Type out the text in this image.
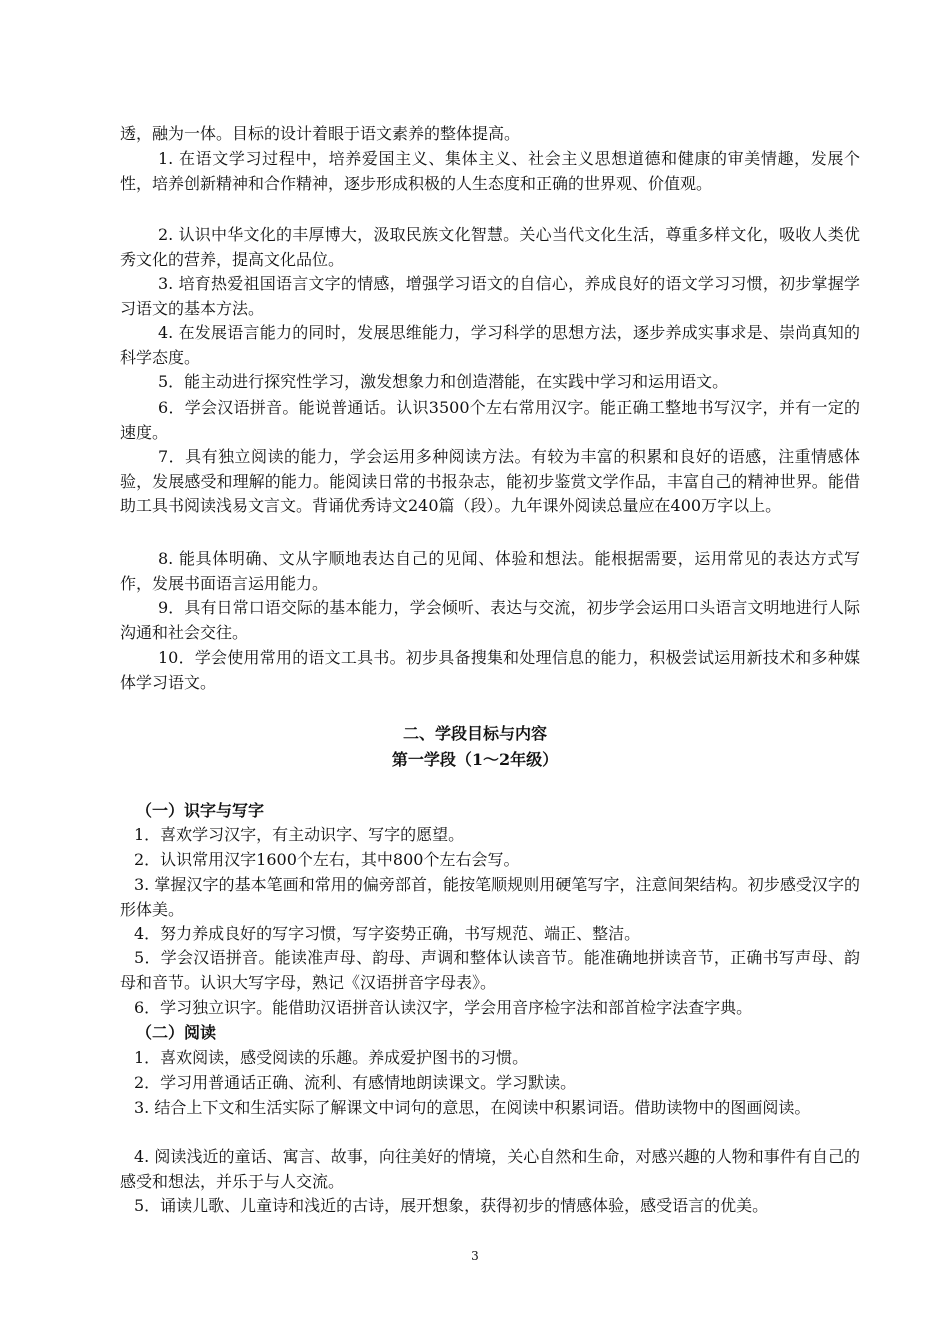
透，融为一体。目标的设计着眼于语文素养的整体提高。

1. 在语文学习过程中，培养爱国主义、集体主义、社会主义思想道德和健康的审美情趣，发展个性，培养创新精神和合作精神，逐步形成积极的人生态度和正确的世界观、价值观。

2. 认识中华文化的丰厚博大，汲取民族文化智慧。关心当代文化生活，尊重多样文化，吸收人类优秀文化的营养，提高文化品位。

3. 培育热爱祖国语言文字的情感，增强学习语文的自信心，养成良好的语文学习习惯，初步掌握学习语文的基本方法。

4. 在发展语言能力的同时，发展思维能力，学习科学的思想方法，逐步养成实事求是、崇尚真知的科学态度。

5．能主动进行探究性学习，激发想象力和创造潜能，在实践中学习和运用语文。

6．学会汉语拼音。能说普通话。认识3500个左右常用汉字。能正确工整地书写汉字，并有一定的速度。

7．具有独立阅读的能力，学会运用多种阅读方法。有较为丰富的积累和良好的语感，注重情感体验，发展感受和理解的能力。能阅读日常的书报杂志，能初步鉴赏文学作品，丰富自己的精神世界。能借助工具书阅读浅易文言文。背诵优秀诗文240篇（段）。九年课外阅读总量应在400万字以上。

8. 能具体明确、文从字顺地表达自己的见闻、体验和想法。能根据需要，运用常见的表达方式写作，发展书面语言运用能力。

9．具有日常口语交际的基本能力，学会倾听、表达与交流，初步学会运用口头语言文明地进行人际沟通和社会交往。

10．学会使用常用的语文工具书。初步具备搜集和处理信息的能力，积极尝试运用新技术和多种媒体学习语文。

二、学段目标与内容

第一学段（1～2年级）

（一）识字与写字

1．喜欢学习汉字，有主动识字、写字的愿望。

2．认识常用汉字1600个左右，其中800个左右会写。

3. 掌握汉字的基本笔画和常用的偏旁部首，能按笔顺规则用硬笔写字，注意间架结构。初步感受汉字的形体美。

4．努力养成良好的写字习惯，写字姿势正确，书写规范、端正、整洁。

5．学会汉语拼音。能读准声母、韵母、声调和整体认读音节。能准确地拼读音节，正确书写声母、韵母和音节。认识大写字母，熟记《汉语拼音字母表》。

6．学习独立识字。能借助汉语拼音认读汉字，学会用音序检字法和部首检字法查字典。

（二）阅读

1．喜欢阅读，感受阅读的乐趣。养成爱护图书的习惯。

2．学习用普通话正确、流利、有感情地朗读课文。学习默读。

3. 结合上下文和生活实际了解课文中词句的意思，在阅读中积累词语。借助读物中的图画阅读。

4. 阅读浅近的童话、寓言、故事，向往美好的情境，关心自然和生命，对感兴趣的人物和事件有自己的感受和想法，并乐于与人交流。

5．诵读儿歌、儿童诗和浅近的古诗，展开想象，获得初步的情感体验，感受语言的优美。

3
